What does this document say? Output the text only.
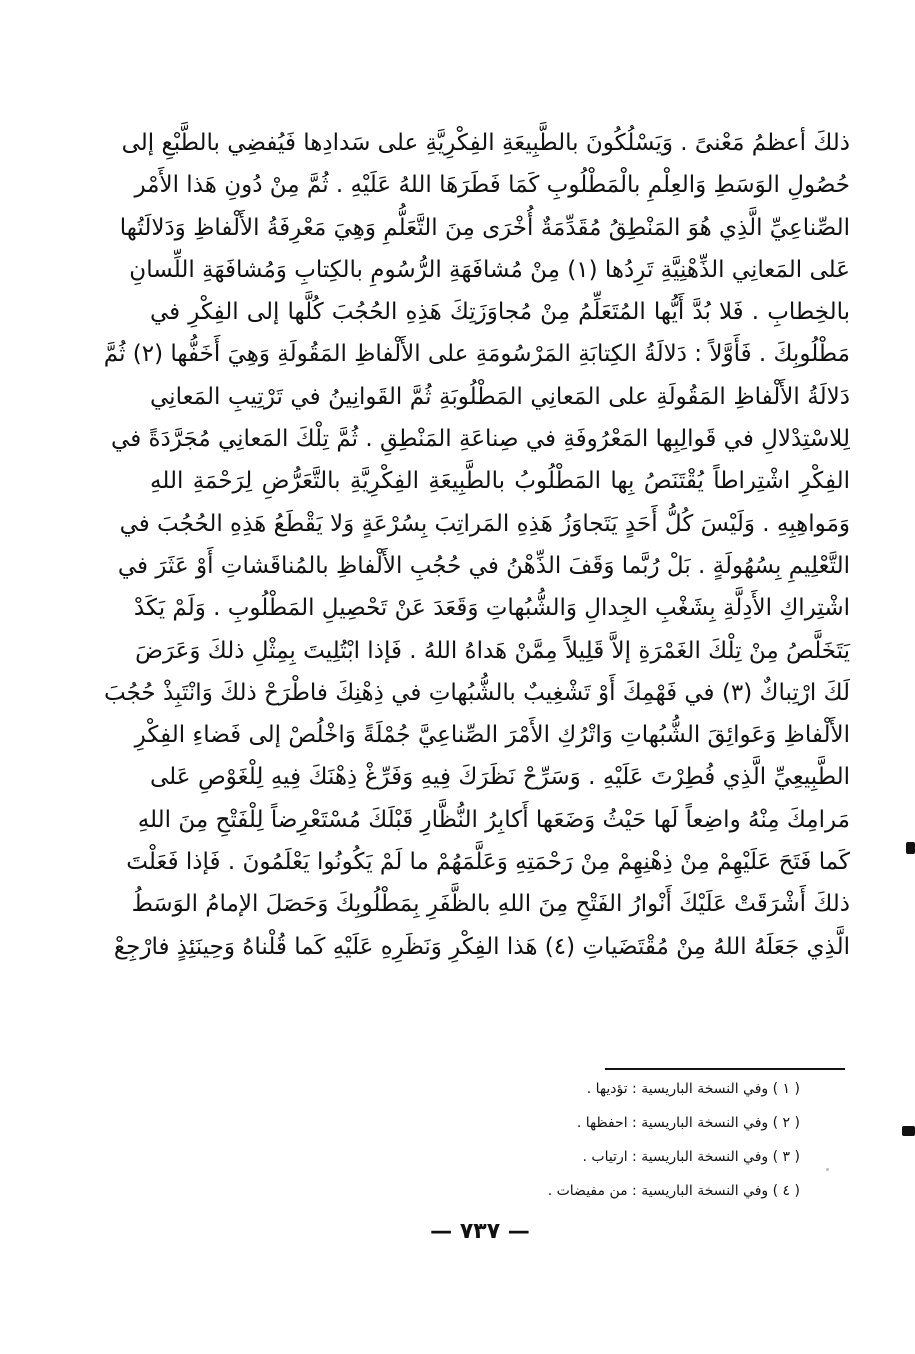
ذلكَ أعظمُ مَعْنىً . وَيَسْلُكُونَ بالطَّبِيعَةِ الفِكْرِيَّةِ على سَدادِها فَيُفضِي بالطَّبْعِ إلى
حُصُولِ الوَسَطِ وَالعِلْمِ بالْمَطْلُوبِ كَمَا فَطَرَهَا اللهُ عَلَيْهِ . ثُمَّ مِنْ دُونِ هَذا الأَمْر
الصِّناعِيِّ الَّذِي هُوَ المَنْطِقُ مُقَدِّمَةٌ أُخْرَى مِنَ التَّعَلُّمِ وَهِيَ مَعْرِفَةُ الأَلْفاظِ وَدَلالَتُها
عَلى المَعانِي الذِّهْنِيَّةِ تَرِدُها (١) مِنْ مُشافَهَةِ الرُّسُومِ بالكِتابِ وَمُشافَهَةِ اللِّسانِ
بالخِطابِ . فَلا بُدَّ أَيُّها المُتَعَلِّمُ مِنْ مُجاوَزَتِكَ هَذِهِ الحُجُبَ كُلَّها إلى الفِكْرِ في
مَطْلُوبِكَ . فَأَوَّلاً : دَلالَةُ الكِتابَةِ المَرْسُومَةِ على الأَلْفاظِ المَقُولَةِ وَهِيَ أَخَفُّها (٢) ثُمَّ
دَلالَةُ الأَلْفاظِ المَقُولَةِ على المَعانِي المَطْلُوبَةِ ثُمَّ القَوانِينُ في تَرْتِيبِ المَعانِي
لِلاسْتِدْلالِ في قَوالِبِها المَعْرُوفَةِ في صِناعَةِ المَنْطِقِ . ثُمَّ تِلْكَ المَعانِي مُجَرَّدَةً في
الفِكْرِ اشْتِراطاً يُقْتَنَصُ بِها المَطْلُوبُ بالطَّبِيعَةِ الفِكْرِيَّةِ بالتَّعَرُّضِ لِرَحْمَةِ اللهِ
وَمَواهِبِهِ . وَلَيْسَ كُلُّ أَحَدٍ يَتَجاوَزُ هَذِهِ المَراتِبَ بِسُرْعَةٍ وَلا يَقْطَعُ هَذِهِ الحُجُبَ في
التَّعْلِيمِ بِسُهُولَةٍ . بَلْ رُبَّما وَقَفَ الذِّهْنُ في حُجُبِ الأَلْفاظِ بالمُناقَشاتِ أَوْ عَثَرَ في
اشْتِراكِ الأَدِلَّةِ بِشَغْبِ الجِدالِ وَالشُّبُهاتِ وَقَعَدَ عَنْ تَحْصِيلِ المَطْلُوبِ . وَلَمْ يَكَدْ
يَتَخَلَّصُ مِنْ تِلْكَ الغَمْرَةِ إلاَّ قَلِيلاً مِمَّنْ هَداهُ اللهُ . فَإذا ابْتُلِيتَ بِمِثْلِ ذلكَ وَعَرَضَ
لَكَ ارْتِباكٌ (٣) في فَهْمِكَ أَوْ تَشْغِيبٌ بالشُّبُهاتِ في ذِهْنِكَ فاطْرَحْ ذلكَ وَانْتَبِذْ حُجُبَ
الأَلْفاظِ وَعَوائِقَ الشُّبُهاتِ وَاتْرُكِ الأَمْرَ الصِّناعِيَّ جُمْلَةً وَاخْلُصْ إلى فَضاءِ الفِكْرِ
الطَّبِيعِيِّ الَّذِي فُطِرْتَ عَلَيْهِ . وَسَرِّحْ نَظَرَكَ فِيهِ وَفَرِّغْ ذِهْنَكَ فِيهِ لِلْغَوْصِ عَلى
مَرامِكَ مِنْهُ واضِعاً لَها حَيْثُ وَضَعَها أَكابِرُ النُّظَّارِ قَبْلَكَ مُسْتَعْرِضاً لِلْفَتْحِ مِنَ اللهِ
كَما فَتَحَ عَلَيْهِمْ مِنْ ذِهْنِهِمْ مِنْ رَحْمَتِهِ وَعَلَّمَهُمْ ما لَمْ يَكُونُوا يَعْلَمُونَ . فَإذا فَعَلْتَ
ذلكَ أَشْرَقَتْ عَلَيْكَ أَنْوارُ الفَتْحِ مِنَ اللهِ بالظَّفَرِ بِمَطْلُوبِكَ وَحَصَلَ الإمامُ الوَسَطُ
الَّذِي جَعَلَهُ اللهُ مِنْ مُقْتَضَياتِ (٤) هَذا الفِكْرِ وَنَظَرِهِ عَلَيْهِ كَما قُلْناهُ وَحِينَئِذٍ فارْجِعْ
( ١ ) وفي النسخة الباريسية : تؤديها .
( ٢ ) وفي النسخة الباريسية : احفظها .
( ٣ ) وفي النسخة الباريسية : ارتياب .
( ٤ ) وفي النسخة الباريسية : من مفيضات .
— ٧٣٧ —
